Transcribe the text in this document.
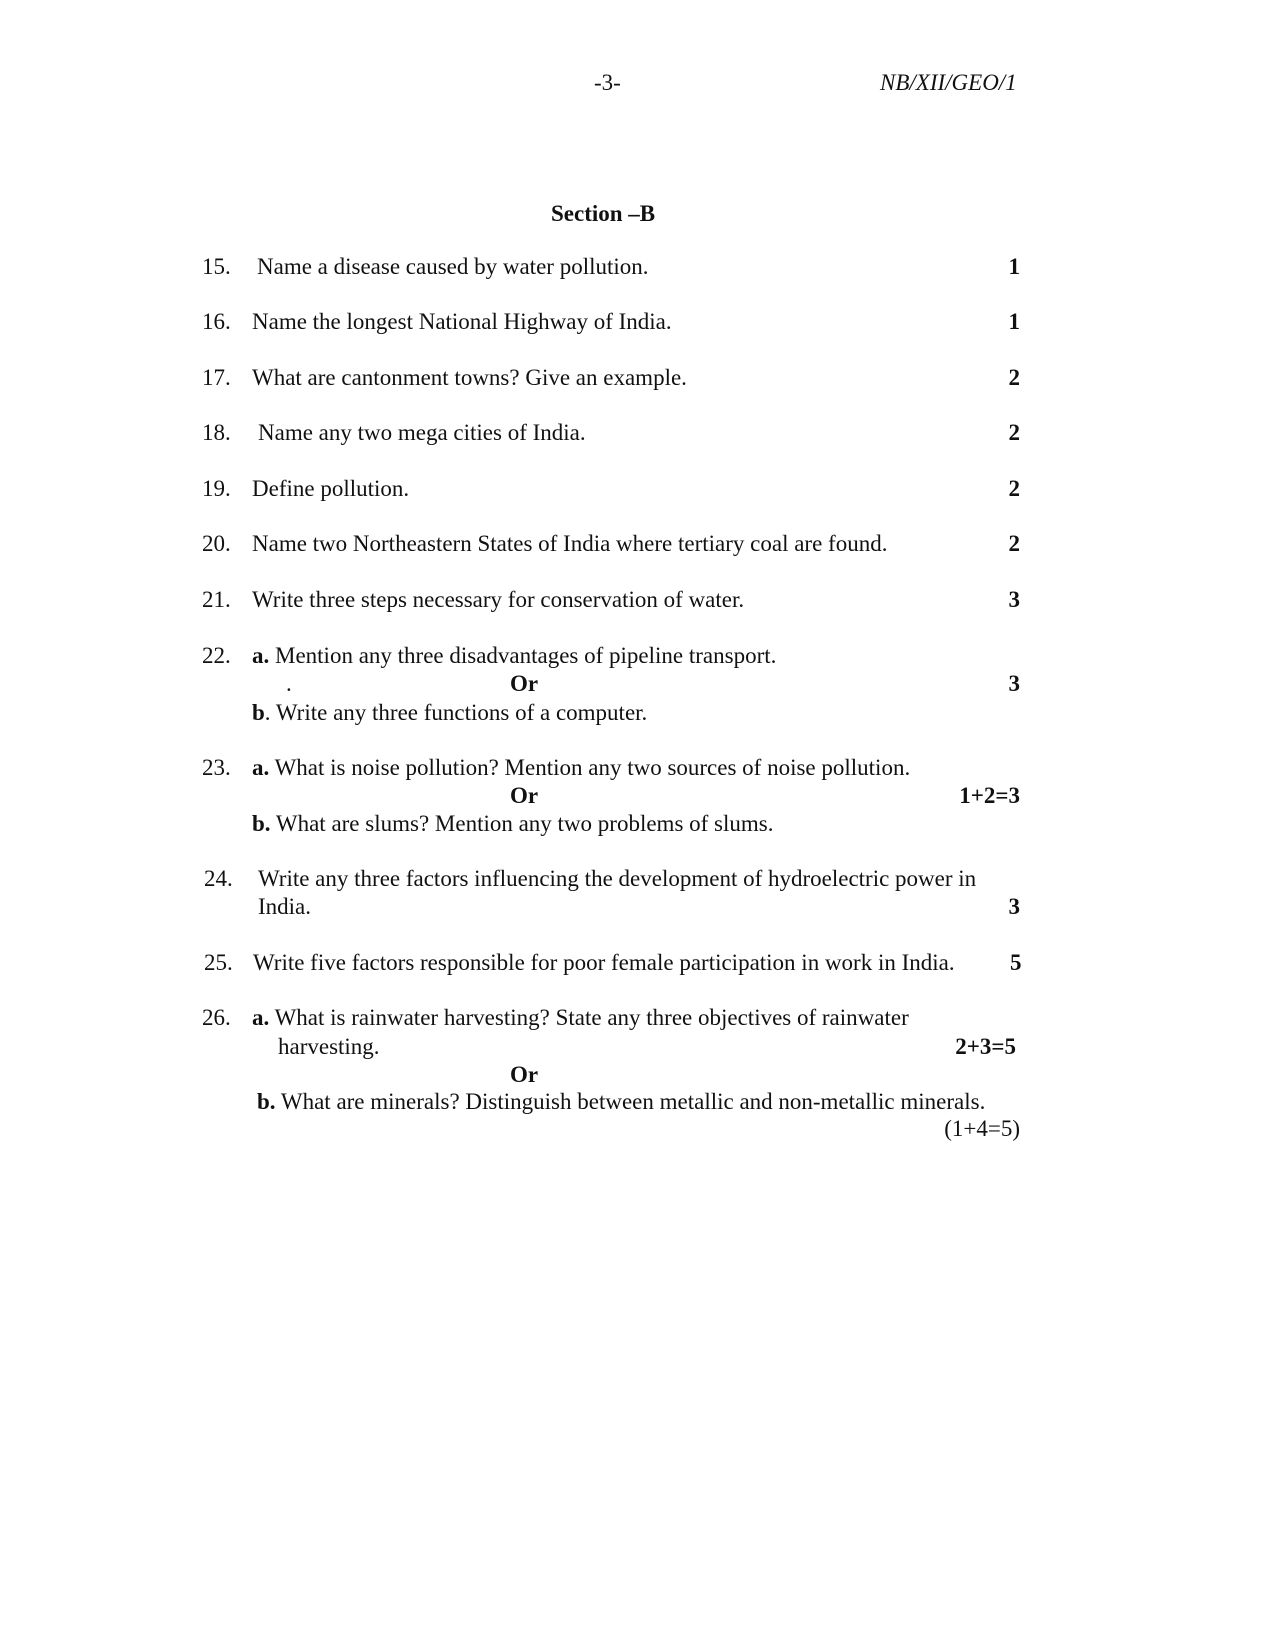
-3-	NB/XII/GEO/1
Section –B
15. Name a disease caused by water pollution.	1
16. Name the longest National Highway of India.	1
17. What are cantonment towns? Give an example.	2
18. Name any two mega cities of India.	2
19. Define pollution.	2
20. Name two Northeastern States of India where tertiary coal are found.	2
21. Write three steps necessary for conservation of water.	3
22. a. Mention any three disadvantages of pipeline transport.
.	Or	3
b. Write any three functions of a computer.
23. a. What is noise pollution? Mention any two sources of noise pollution.
Or	1+2=3
b. What are slums? Mention any two problems of slums.
24. Write any three factors influencing the development of hydroelectric power in
India.	3
25. Write five factors responsible for poor female participation in work in India. 5
26. a. What is rainwater harvesting? State any three objectives of rainwater
harvesting.	2+3=5
Or
b. What are minerals? Distinguish between metallic and non-metallic minerals.
(1+4=5)
